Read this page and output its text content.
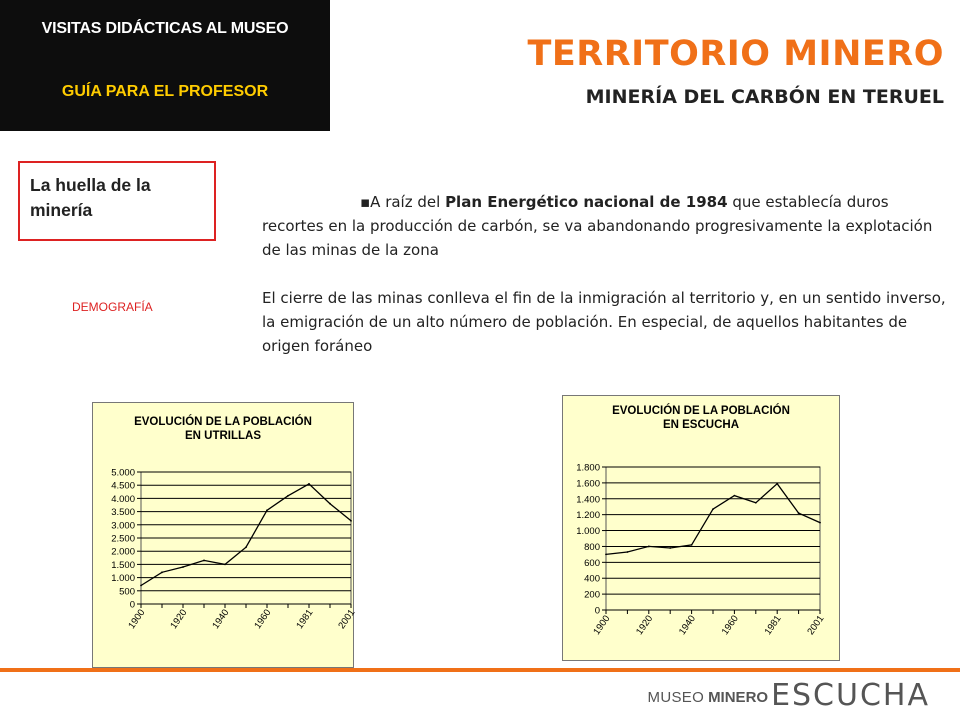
VISITAS DIDÁCTICAS AL MUSEO
GUÍA PARA EL PROFESOR
TERRITORIO MINERO
MINERÍA DEL CARBÓN EN TERUEL
La huella de la minería
DEMOGRAFÍA

▪A raíz del Plan Energético nacional de 1984 que establecía duros recortes en la producción de carbón, se va abandonando progresivamente la explotación de las minas de la zona

El cierre de las minas conlleva el fin de la inmigración al territorio y, en un sentido inverso, la emigración de un alto número de población. En especial, de aquellos habitantes de origen foráneo

EVOLUCIÓN DE LA POBLACIÓN
EN UTRILLAS
0
500
1.000
1.500
2.000
2.500
3.000
3.500
4.000
4.500
5.000
1900 1920 1940 1960 1981 2001
EVOLUCIÓN DE LA POBLACIÓN
EN ESCUCHA
0
200
400
600
800
1.000
1.200
1.400
1.600
1.800
1900 1920 1940 1960 1981 2001
MUSEO MINERO ESCUCHA
